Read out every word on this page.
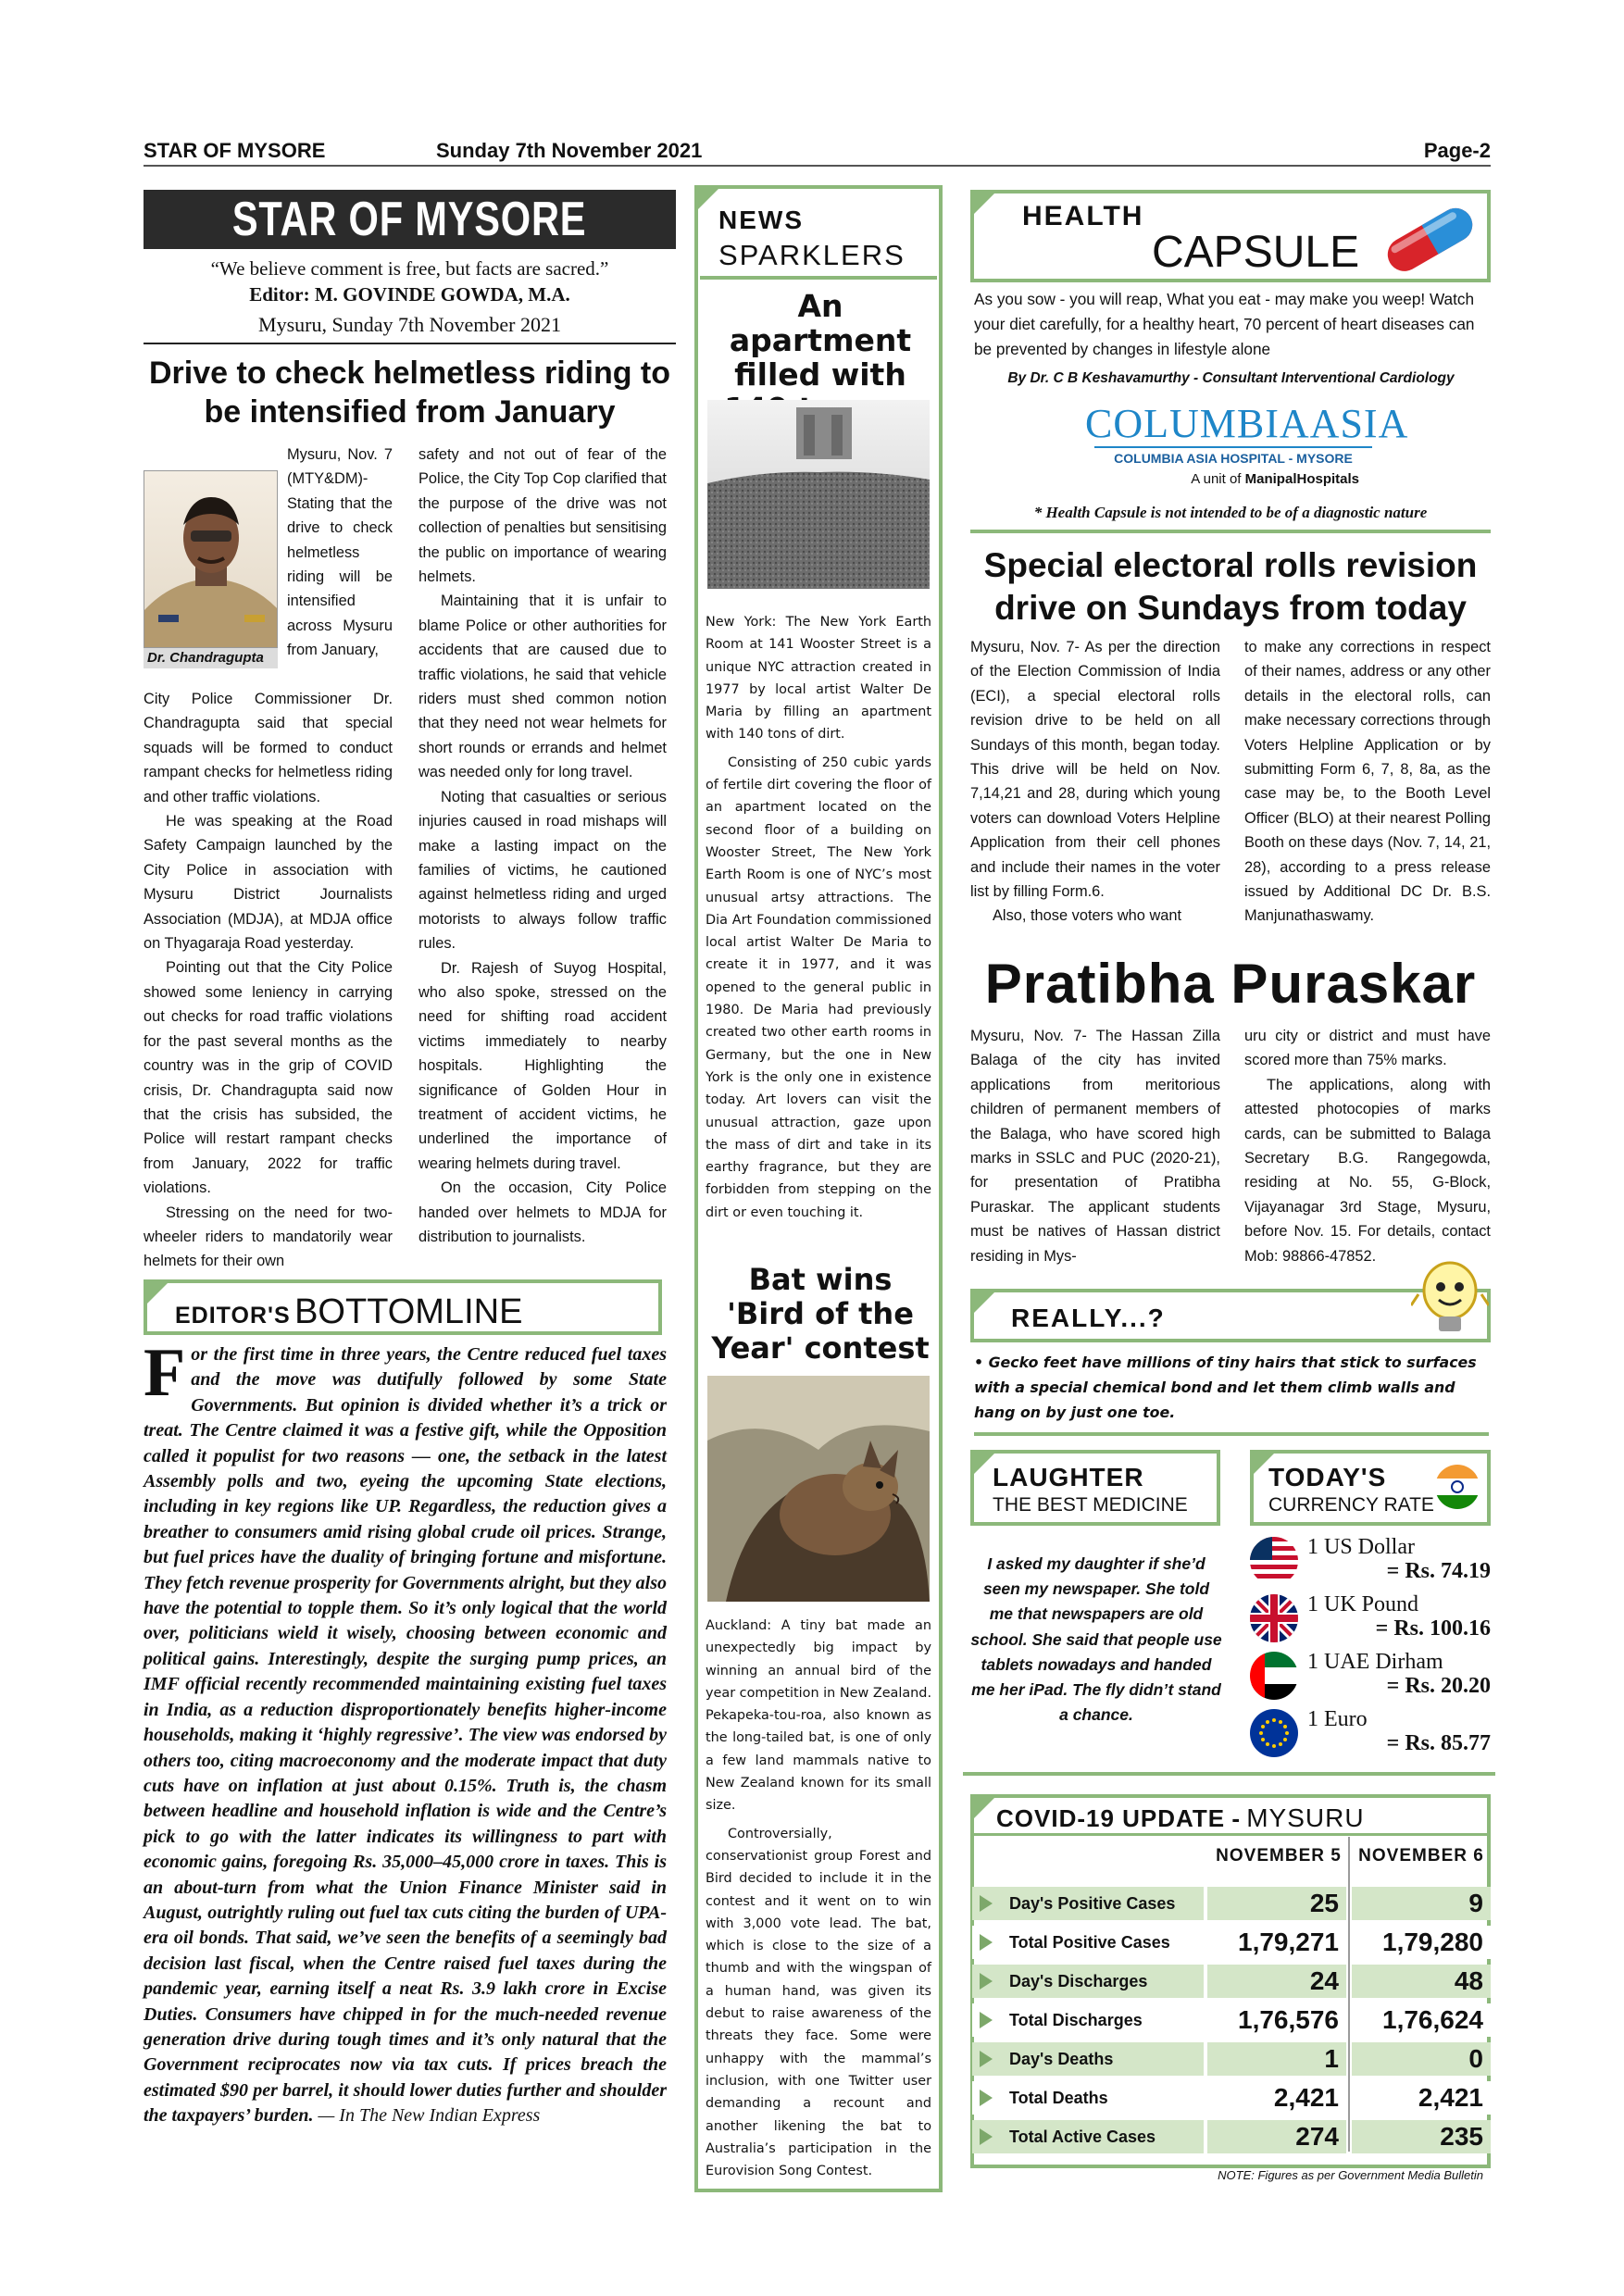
STAR OF MYSORE	Sunday 7th November 2021	Page-2
STAR OF MYSORE
“We believe comment is free, but facts are sacred.”
Editor: M. GOVINDE GOWDA, M.A.
Mysuru, Sunday 7th November 2021
Drive to check helmetless riding to be intensified from January
Dr. Chandragupta

Mysuru, Nov. 7 (MTY&DM)- Stating that the drive to check helmetless riding will be intensified across Mysuru from January,

City Police Commissioner Dr. Chandragupta said that special squads will be formed to conduct rampant checks for helmetless riding and other traffic violations.

He was speaking at the Road Safety Campaign launched by the City Police in association with Mysuru District Journalists Association (MDJA), at MDJA office on Thyagaraja Road yesterday.

Pointing out that the City Police showed some leniency in carrying out checks for road traffic violations for the past several months as the country was in the grip of COVID crisis, Dr. Chandragupta said now that the crisis has subsided, the Police will restart rampant checks from January, 2022 for traffic violations.

Stressing on the need for two-wheeler riders to mandatorily wear helmets for their own

safety and not out of fear of the Police, the City Top Cop clarified that the purpose of the drive was not collection of penalties but sensitising the public on importance of wearing helmets.

Maintaining that it is unfair to blame Police or other authorities for accidents that are caused due to traffic violations, he said that vehicle riders must shed common notion that they need not wear helmets for short rounds or errands and helmet was needed only for long travel.

Noting that casualties or serious injuries caused in road mishaps will make a lasting impact on the families of victims, he cautioned against helmetless riding and urged motorists to always follow traffic rules.

Dr. Rajesh of Suyog Hospital, who also spoke, stressed on the need for shifting road accident victims immediately to nearby hospitals. Highlighting the significance of Golden Hour in treatment of accident victims, he underlined the importance of wearing helmets during travel.

On the occasion, City Police handed over helmets to MDJA for distribution to journalists.

EDITOR'S BOTTOMLINE
For the first time in three years, the Centre reduced fuel taxes and the move was dutifully followed by some State Governments. But opinion is divided whether it’s a trick or treat. The Centre claimed it was a festive gift, while the Opposition called it populist for two reasons — one, the setback in the latest Assembly polls and two, eyeing the upcoming State elections, including in key regions like UP. Regardless, the reduction gives a breather to consumers amid rising global crude oil prices. Strange, but fuel prices have the duality of bringing fortune and misfortune. They fetch revenue prosperity for Governments alright, but they also have the potential to topple them. So it’s only logical that the world over, politicians wield it wisely, choosing between economic and political gains. Interestingly, despite the surging pump prices, an IMF official recently recommended maintaining existing fuel taxes in India, as a reduction disproportionately benefits higher-income households, making it ‘highly regressive’. The view was endorsed by others too, citing macroeconomy and the moderate impact that duty cuts have on inflation at just about 0.15%. Truth is, the chasm between headline and household inflation is wide and the Centre’s pick to go with the latter indicates its willingness to part with economic gains, foregoing Rs. 35,000–45,000 crore in taxes. This is an about-turn from what the Union Finance Minister said in August, outrightly ruling out fuel tax cuts citing the burden of UPA-era oil bonds. That said, we’ve seen the benefits of a seemingly bad decision last fiscal, when the Centre raised fuel taxes during the pandemic year, earning itself a neat Rs. 3.9 lakh crore in Excise Duties. Consumers have chipped in for the much-needed revenue generation drive during tough times and it’s only natural that the Government reciprocates now via tax cuts. If prices breach the estimated $90 per barrel, it should lower duties further and shoulder the taxpayers’ burden. — In The New Indian Express
NEWS
SPARKLERS
An apartment filled with

New York: The New York Earth Room at 141 Wooster Street is a unique NYC attraction created in 1977 by local artist Walter De Maria by filling an apartment with 140 tons of dirt.

Consisting of 250 cubic yards of fertile dirt covering the floor of an apartment located on the second floor of a building on Wooster Street, The New York Earth Room is one of NYC’s most unusual artsy attractions. The Dia Art Foundation commissioned local artist Walter De Maria to create it in 1977, and it was opened to the general public in 1980. De Maria had previously created two other earth rooms in Germany, but the one in New York is the only one in existence today. Art lovers can visit the unusual attraction, gaze upon the mass of dirt and take in its earthy fragrance, but they are forbidden from stepping on the dirt or even touching it.

Bat wins 'Bird of the Year' contest

Auckland: A tiny bat made an unexpectedly big impact by winning an annual bird of the year competition in New Zealand. Pekapeka-tou-roa, also known as the long-tailed bat, is one of only a few land mammals native to New Zealand known for its small size.

Controversially, conservationist group Forest and Bird decided to include it in the contest and it went on to win with 3,000 vote lead. The bat, which is close to the size of a thumb and with the wingspan of a human hand, was given its debut to raise awareness of the threats they face. Some were unhappy with the mammal’s inclusion, with one Twitter user demanding a recount and another likening the bat to Australia’s participation in the Eurovision Song Contest.

HEALTH
CAPSULE
As you sow - you will reap, What you eat - may make you weep! Watch your diet carefully, for a healthy heart, 70 percent of heart diseases can be prevented by changes in lifestyle alone
By Dr. C B Keshavamurthy - Consultant Interventional Cardiology
COLUMBIAASIA
COLUMBIA ASIA HOSPITAL - MYSORE
A unit of ManipalHospitals
* Health Capsule is not intended to be of a diagnostic nature
Special electoral rolls revision drive on Sundays from today

Mysuru, Nov. 7- As per the direction of the Election Commission of India (ECI), a special electoral rolls revision drive to be held on all Sundays of this month, began today. This drive will be held on Nov. 7,14,21 and 28, during which young voters can download Voters Helpline Application from their cell phones and include their names in the voter list by filling Form.6.

Also, those voters who want

to make any corrections in respect of their names, address or any other details in the electoral rolls, can make necessary corrections through Voters Helpline Application or by submitting Form 6, 7, 8, 8a, as the case may be, to the Booth Level Officer (BLO) at their nearest Polling Booth on these days (Nov. 7, 14, 21, 28), according to a press release issued by Additional DC Dr. B.S. Manjunathaswamy.

Pratibha Puraskar

Mysuru, Nov. 7- The Hassan Zilla Balaga of the city has invited applications from meritorious children of permanent members of the Balaga, who have scored high marks in SSLC and PUC (2020-21), for presentation of Pratibha Puraskar. The applicant students must be natives of Hassan district residing in Mys-

uru city or district and must have scored more than 75% marks.

The applications, along with attested photocopies of marks cards, can be submitted to Balaga Secretary B.G. Rangegowda, residing at No. 55, G-Block, Vijayanagar 3rd Stage, Mysuru, before Nov. 15. For details, contact Mob: 98866-47852.

REALLY...?
• Gecko feet have millions of tiny hairs that stick to surfaces with a special chemical bond and let them climb walls and hang on by just one toe.
LAUGHTER
THE BEST MEDICINE
I asked my daughter if she’d seen my newspaper. She told me that newspapers are old school. She said that people use tablets nowadays and handed me her iPad. The fly didn’t stand a chance.
TODAY'S
CURRENCY RATE
1 US Dollar
= Rs. 74.19
1 UK Pound
= Rs. 100.16
1 UAE Dirham
= Rs. 20.20
1 Euro
= Rs. 85.77
COVID-19 UPDATE - MYSURU
NOVEMBER 5 NOVEMBER 6
Day's Positive Cases	25	9
Total Positive Cases	1,79,271	1,79,280
Day's Discharges	24	48
Total Discharges	1,76,576	1,76,624
Day's Deaths	1	0
Total Deaths	2,421	2,421
Total Active Cases	274	235
NOTE: Figures as per Government Media Bulletin
